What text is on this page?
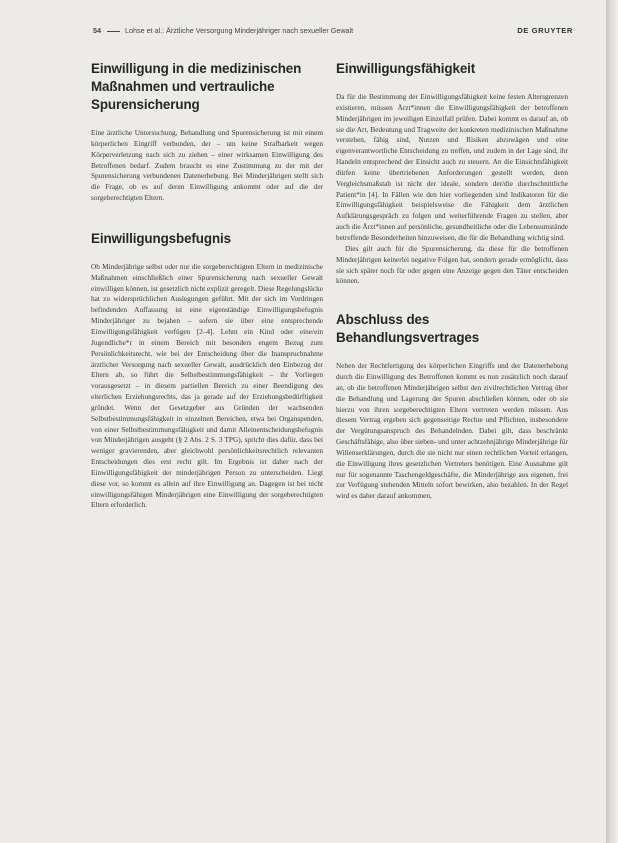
54	Lohse et al.: Ärztliche Versorgung Minderjähriger nach sexueller Gewalt	DE GRUYTER
Einwilligung in die medizinischen Maßnahmen und vertrauliche Spurensicherung

Eine ärztliche Untersuchung, Behandlung und Spurensicherung ist mit einem körperlichen Eingriff verbunden, der – um keine Strafbarkeit wegen Körperverletzung nach sich zu ziehen – einer wirksamen Einwilligung des Betroffenen bedarf. Zudem braucht es eine Zustimmung zu der mit der Spurensicherung verbundenen Datenerhebung. Bei Minderjährigen stellt sich die Frage, ob es auf deren Einwilligung ankommt oder auf die der sorgeberechtigten Eltern.

Einwilligungsbefugnis

Ob Minderjährige selbst oder nur die sorgeberechtigten Eltern in medizinische Maßnahmen einschließlich einer Spurensicherung nach sexueller Gewalt einwilligen können, ist gesetzlich nicht explizit geregelt. Diese Regelungslücke hat zu widersprüchlichen Auslegungen geführt. Mit der sich im Vordringen befindenden Auffassung ist eine eigenständige Einwilligungsbefugnis Minderjähriger zu bejahen – sofern sie über eine entsprechende Einwilligungsfähigkeit verfügen [2–4]. Lehnt ein Kind oder eine/ein Jugendliche*r in einem Bereich mit besonders engem Bezug zum Persönlichkeitsrecht, wie bei der Entscheidung über die Inanspruchnahme ärztlicher Versorgung nach sexueller Gewalt, ausdrücklich den Einbezug der Eltern ab, so führt die Selbstbestimmungsfähigkeit – ihr Vorliegen vorausgesetzt – in diesem partiellen Bereich zu einer Beendigung des elterlichen Erziehungsrechts, das ja gerade auf der Erziehungsbedürftigkeit gründet. Wenn der Gesetzgeber aus Gründen der wachsenden Selbstbestimmungsfähigkeit in einzelnen Bereichen, etwa bei Organspenden, von einer Selbstbestimmungsfähigkeit und damit Alleinentscheidungsbefugnis von Minderjährigen ausgeht (§ 2 Abs. 2 S. 3 TPG), spricht dies dafür, dass bei weniger gravierenden, aber gleichwohl persönlichkeitsrechtlich relevanten Entscheidungen dies erst recht gilt. Im Ergebnis ist daher nach der Einwilligungsfähigkeit der minderjährigen Person zu unterscheiden. Liegt diese vor, so kommt es allein auf ihre Einwilligung an. Dagegen ist bei nicht einwilligungsfähigen Minderjährigen eine Einwilligung der sorgeberechtigten Eltern erforderlich.

Einwilligungsfähigkeit

Da für die Bestimmung der Einwilligungsfähigkeit keine festen Altersgrenzen existieren, müssen Ärzt*innen die Einwilligungsfähigkeit der betroffenen Minderjährigen im jeweiligen Einzelfall prüfen. Dabei kommt es darauf an, ob sie die Art, Bedeutung und Tragweite der konkreten medizinischen Maßnahme verstehen, fähig sind, Nutzen und Risiken abzuwägen und eine eigenverantwortliche Entscheidung zu treffen, und zudem in der Lage sind, ihr Handeln entsprechend der Einsicht auch zu steuern. An die Einsichtsfähigkeit dürfen keine übertriebenen Anforderungen gestellt werden, denn Vergleichsmaßstab ist nicht der ideale, sondern der/die durchschnittliche Patient*in [4]. In Fällen wie den hier vorliegenden sind Indikatoren für die Einwilligungsfähigkeit beispielsweise die Fähigkeit dem ärztlichen Aufklärungsgespräch zu folgen und weiterführende Fragen zu stellen, aber auch die Ärzt*innen auf persönliche, gesundheitliche oder die Lebensumstände betreffende Besonderheiten hinzuweisen, die für die Behandlung wichtig sind.

Dies gilt auch für die Spurensicherung, da diese für die betroffenen Minderjährigen keinerlei negative Folgen hat, sondern gerade ermöglicht, dass sie sich später noch für oder gegen eine Anzeige gegen den Täter entscheiden können.

Abschluss des Behandlungsvertrages

Neben der Rechtfertigung des körperlichen Eingriffs und der Datenerhebung durch die Einwilligung des Betroffenen kommt es nun zusätzlich noch darauf an, ob die betroffenen Minderjährigen selbst den zivilrechtlichen Vertrag über die Behandlung und Lagerung der Spuren abschließen können, oder ob sie hierzu von ihren sorgeberechtigten Eltern vertreten werden müssen. Aus diesem Vertrag ergeben sich gegenseitige Rechte und Pflichten, insbesondere der Vergütungsanspruch des Behandelnden. Dabei gilt, dass beschränkt Geschäftsfähige, also über sieben- und unter achtzehnjährige Minderjährige für Willenserklärungen, durch die sie nicht nur einen rechtlichen Vorteil erlangen, die Einwilligung ihres gesetzlichen Vertreters benötigen. Eine Ausnahme gilt nur für sogenannte Taschengeldgeschäfte, die Minderjährige aus eigenen, frei zur Verfügung stehenden Mitteln sofort bewirken, also bezahlen. In der Regel wird es daher darauf ankommen,
